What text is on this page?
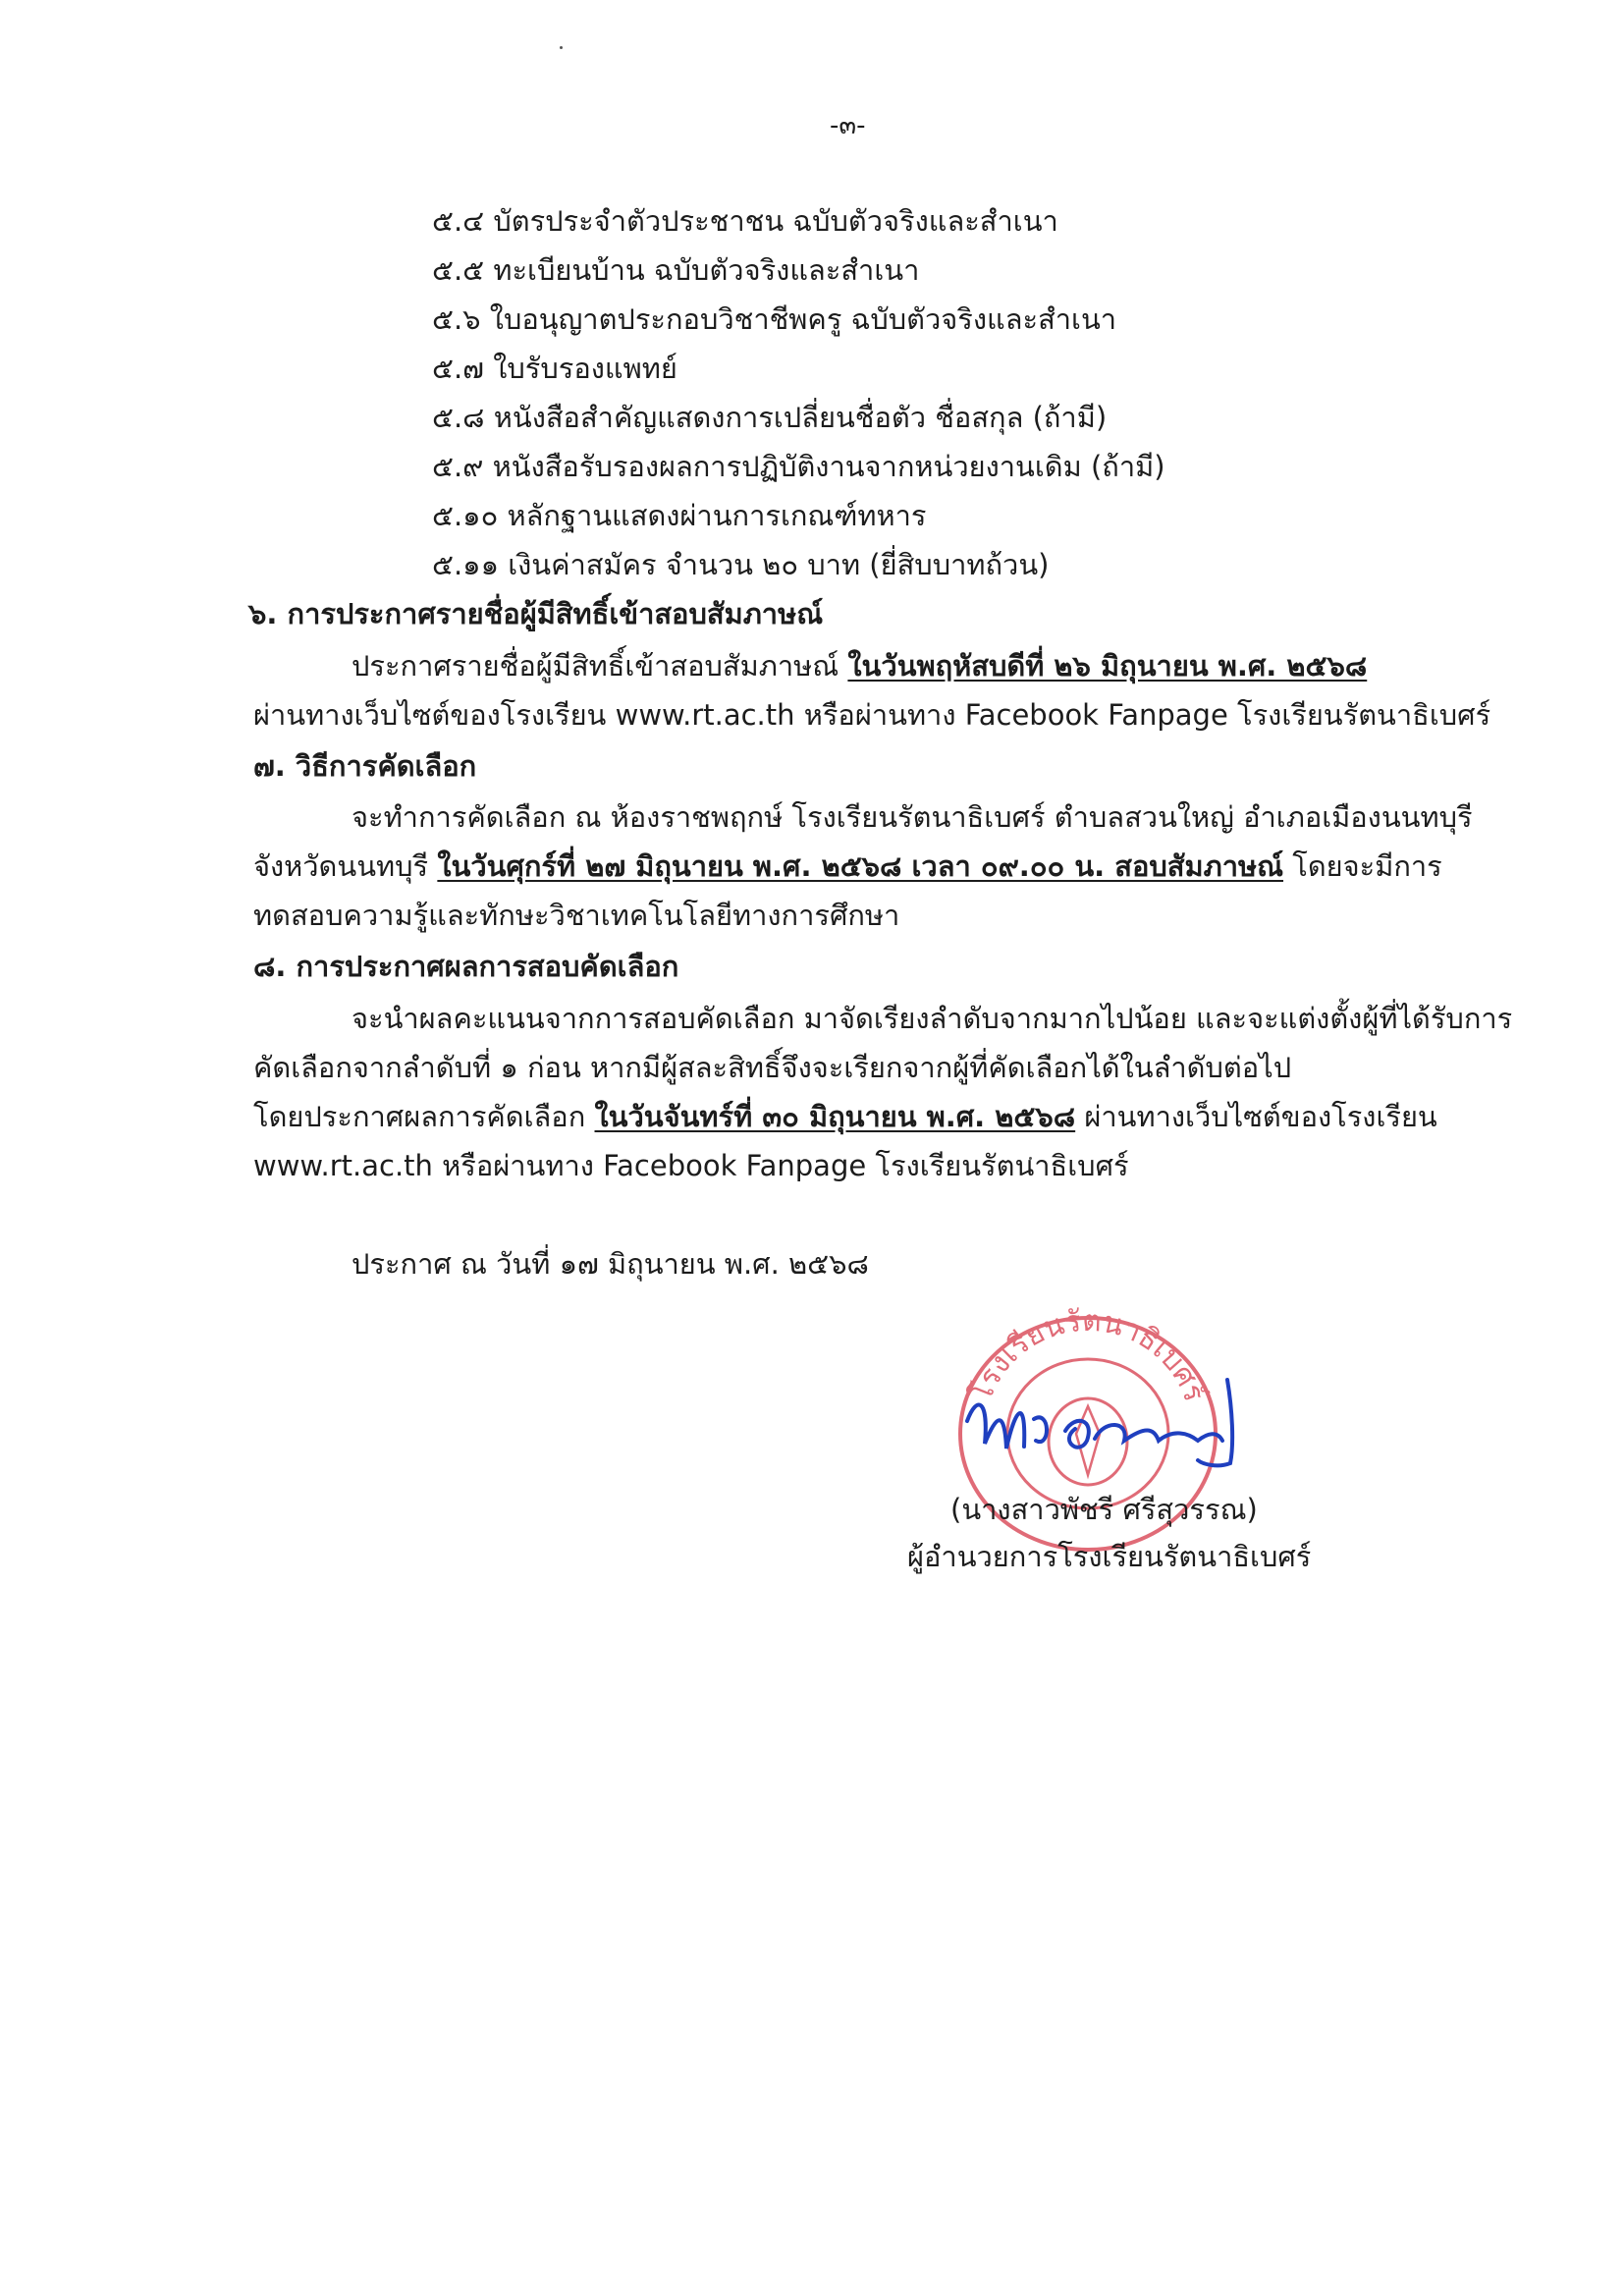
-๓-
๕.๔ บัตรประจำตัวประชาชน ฉบับตัวจริงและสำเนา
๕.๕ ทะเบียนบ้าน ฉบับตัวจริงและสำเนา
๕.๖ ใบอนุญาตประกอบวิชาชีพครู ฉบับตัวจริงและสำเนา
๕.๗ ใบรับรองแพทย์
๕.๘ หนังสือสำคัญแสดงการเปลี่ยนชื่อตัว ชื่อสกุล (ถ้ามี)
๕.๙ หนังสือรับรองผลการปฏิบัติงานจากหน่วยงานเดิม (ถ้ามี)
๕.๑๐ หลักฐานแสดงผ่านการเกณฑ์ทหาร
๕.๑๑ เงินค่าสมัคร จำนวน ๒๐ บาท (ยี่สิบบาทถ้วน)
๖. การประกาศรายชื่อผู้มีสิทธิ์เข้าสอบสัมภาษณ์
ประกาศรายชื่อผู้มีสิทธิ์เข้าสอบสัมภาษณ์ ในวันพฤหัสบดีที่ ๒๖ มิถุนายน พ.ศ. ๒๕๖๘
ผ่านทางเว็บไซต์ของโรงเรียน www.rt.ac.th หรือผ่านทาง Facebook Fanpage โรงเรียนรัตนาธิเบศร์
๗. วิธีการคัดเลือก
จะทำการคัดเลือก ณ ห้องราชพฤกษ์ โรงเรียนรัตนาธิเบศร์ ตำบลสวนใหญ่ อำเภอเมืองนนทบุรี
จังหวัดนนทบุรี ในวันศุกร์ที่ ๒๗ มิถุนายน พ.ศ. ๒๕๖๘ เวลา ๐๙.๐๐ น. สอบสัมภาษณ์ โดยจะมีการ
ทดสอบความรู้และทักษะวิชาเทคโนโลยีทางการศึกษา
๘. การประกาศผลการสอบคัดเลือก
จะนำผลคะแนนจากการสอบคัดเลือก มาจัดเรียงลำดับจากมากไปน้อย และจะแต่งตั้งผู้ที่ได้รับการ
คัดเลือกจากลำดับที่ ๑ ก่อน หากมีผู้สละสิทธิ์จึงจะเรียกจากผู้ที่คัดเลือกได้ในลำดับต่อไป
โดยประกาศผลการคัดเลือก ในวันจันทร์ที่ ๓๐ มิถุนายน พ.ศ. ๒๕๖๘ ผ่านทางเว็บไซต์ของโรงเรียน
www.rt.ac.th หรือผ่านทาง Facebook Fanpage โรงเรียนรัตนาธิเบศร์
ประกาศ ณ วันที่ ๑๗ มิถุนายน พ.ศ. ๒๕๖๘
โรงเรียนรัตนาธิเบศร์
(นางสาวพัชรี ศรีสุวรรณ)
ผู้อำนวยการโรงเรียนรัตนาธิเบศร์
